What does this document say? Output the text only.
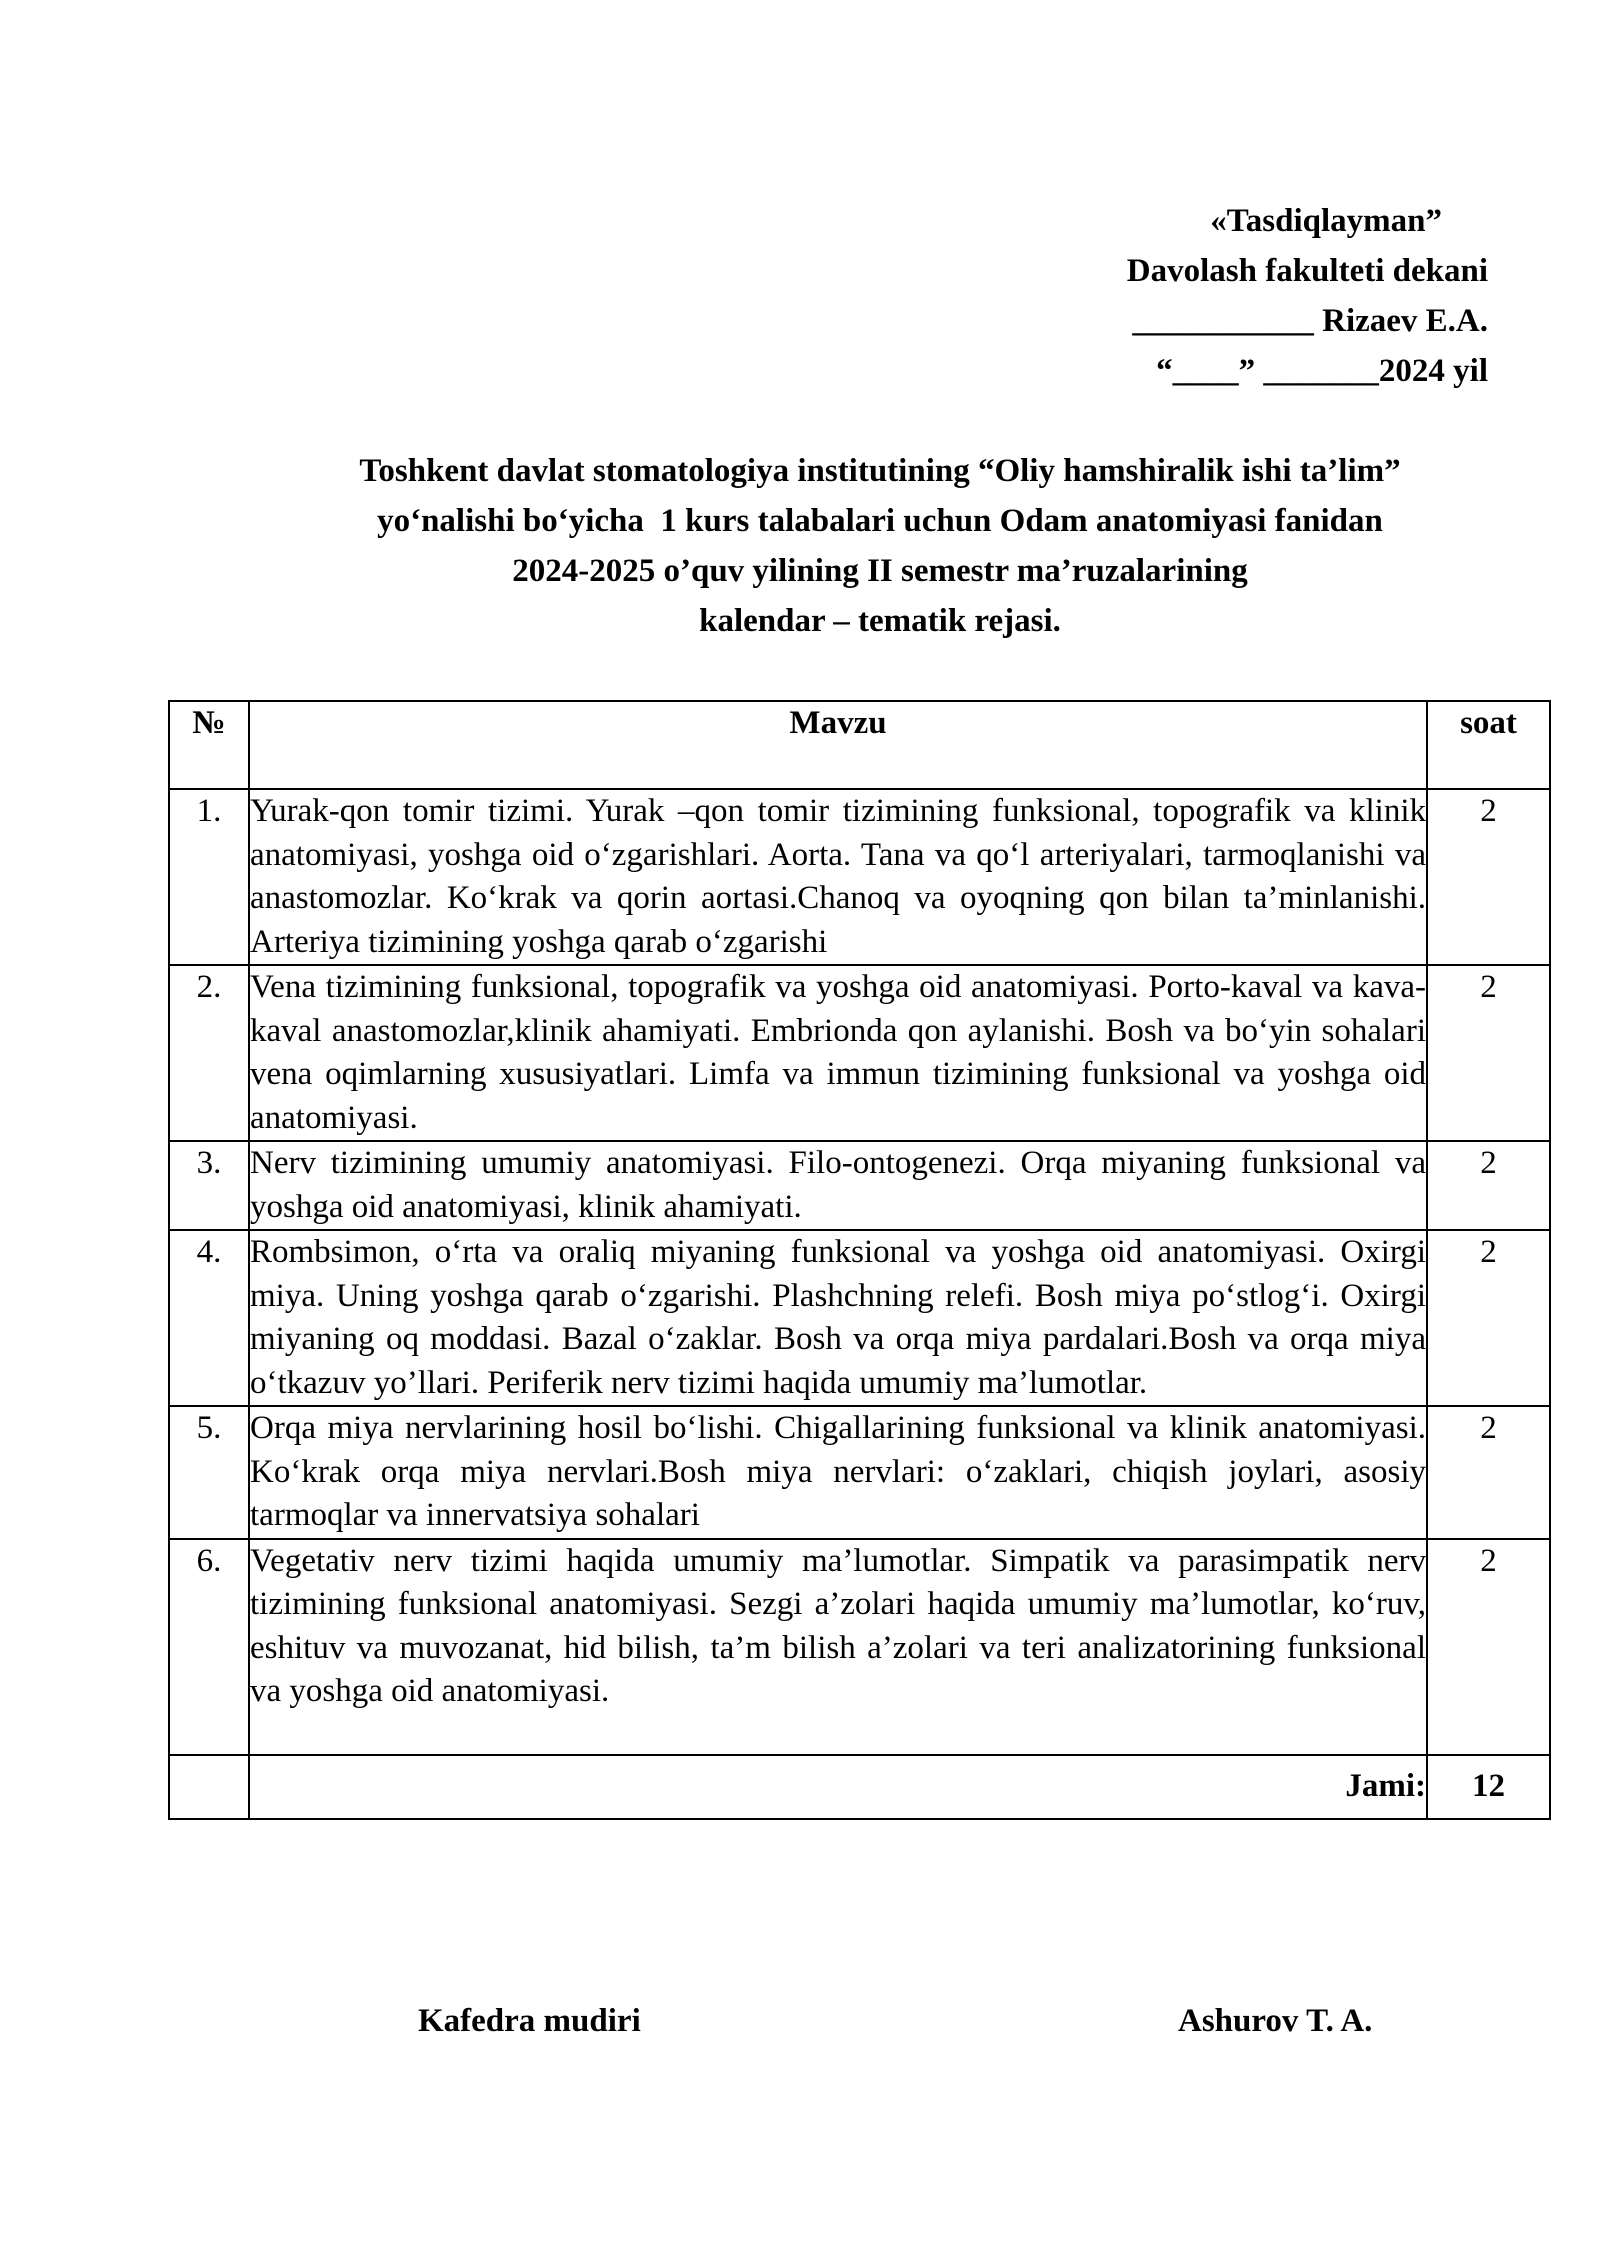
«Tasdiqlayman”
Davolash fakulteti dekani
___________ Rizaev E.A.
“____” _______2024 yil
Toshkent davlat stomatologiya institutining “Oliy hamshiralik ishi ta’lim”
yo‘nalishi bo‘yicha  1 kurs talabalari uchun Odam anatomiyasi fanidan
2024-2025 o’quv yilining II semestr ma’ruzalarining
kalendar – tematik rejasi.
№	Mavzu	soat
1.	Yurak-qon tomir tizimi. Yurak –qon tomir tizimining funksional, topografik va klinik anatomiyasi, yoshga oid o‘zgarishlari. Aorta. Tana va qo‘l arteriyalari, tarmoqlanishi va anastomozlar. Ko‘krak va qorin aortasi.Chanoq va oyoqning qon bilan ta’minlanishi. Arteriya tizimining yoshga qarab o‘zgarishi	2
2.	Vena tizimining funksional, topografik va yoshga oid anatomiyasi. Porto-kaval va kava-kaval anastomozlar,klinik ahamiyati. Embrionda qon aylanishi. Bosh va bo‘yin sohalari vena oqimlarning xususiyatlari. Limfa va immun tizimining funksional va yoshga oid anatomiyasi.	2
3.	Nerv tizimining umumiy anatomiyasi. Filo-ontogenezi. Orqa miyaning funksional va yoshga oid anatomiyasi, klinik ahamiyati.	2
4.	Rombsimon, o‘rta va oraliq miyaning funksional va yoshga oid anatomiyasi. Oxirgi miya. Uning yoshga qarab o‘zgarishi. Plashchning relefi. Bosh miya po‘stlog‘i. Oxirgi miyaning oq moddasi. Bazal o‘zaklar. Bosh va orqa miya pardalari.Bosh va orqa miya o‘tkazuv yo’llari. Periferik nerv tizimi haqida umumiy ma’lumotlar.	2
5.	Orqa miya nervlarining hosil bo‘lishi. Chigallarining funksional va klinik anatomiyasi. Ko‘krak orqa miya nervlari.Bosh miya nervlari: o‘zaklari, chiqish joylari, asosiy tarmoqlar va innervatsiya sohalari	2
6.	Vegetativ nerv tizimi haqida umumiy ma’lumotlar. Simpatik va parasimpatik nerv tizimining funksional anatomiyasi. Sezgi a’zolari haqida umumiy ma’lumotlar, ko‘ruv, eshituv va muvozanat, hid bilish, ta’m bilish a’zolari va teri analizatorining funksional va yoshga oid anatomiyasi.	2
	Jami:	12
Kafedra mudiri	Ashurov T. A.
